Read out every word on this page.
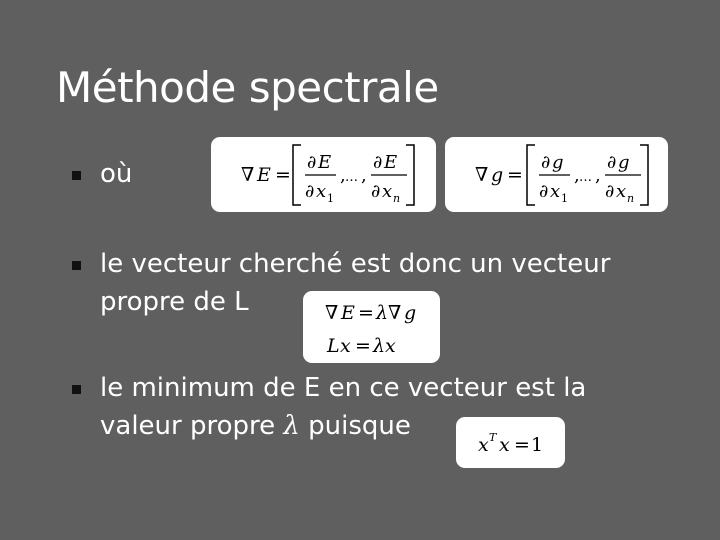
Méthode spectrale
où	∇ E =
∂ E
∂ x 1
, … ,
∂ E
∂ x n
∇ g =
∂ g
∂ x 1
, … ,
∂ g
∂ x n
le vecteur cherché est donc un vecteur
propre de L	∇ E = λ ∇ g
L x = λ x
le minimum de E en ce vecteur est la
valeur propre λ puisque
x T x = 1
